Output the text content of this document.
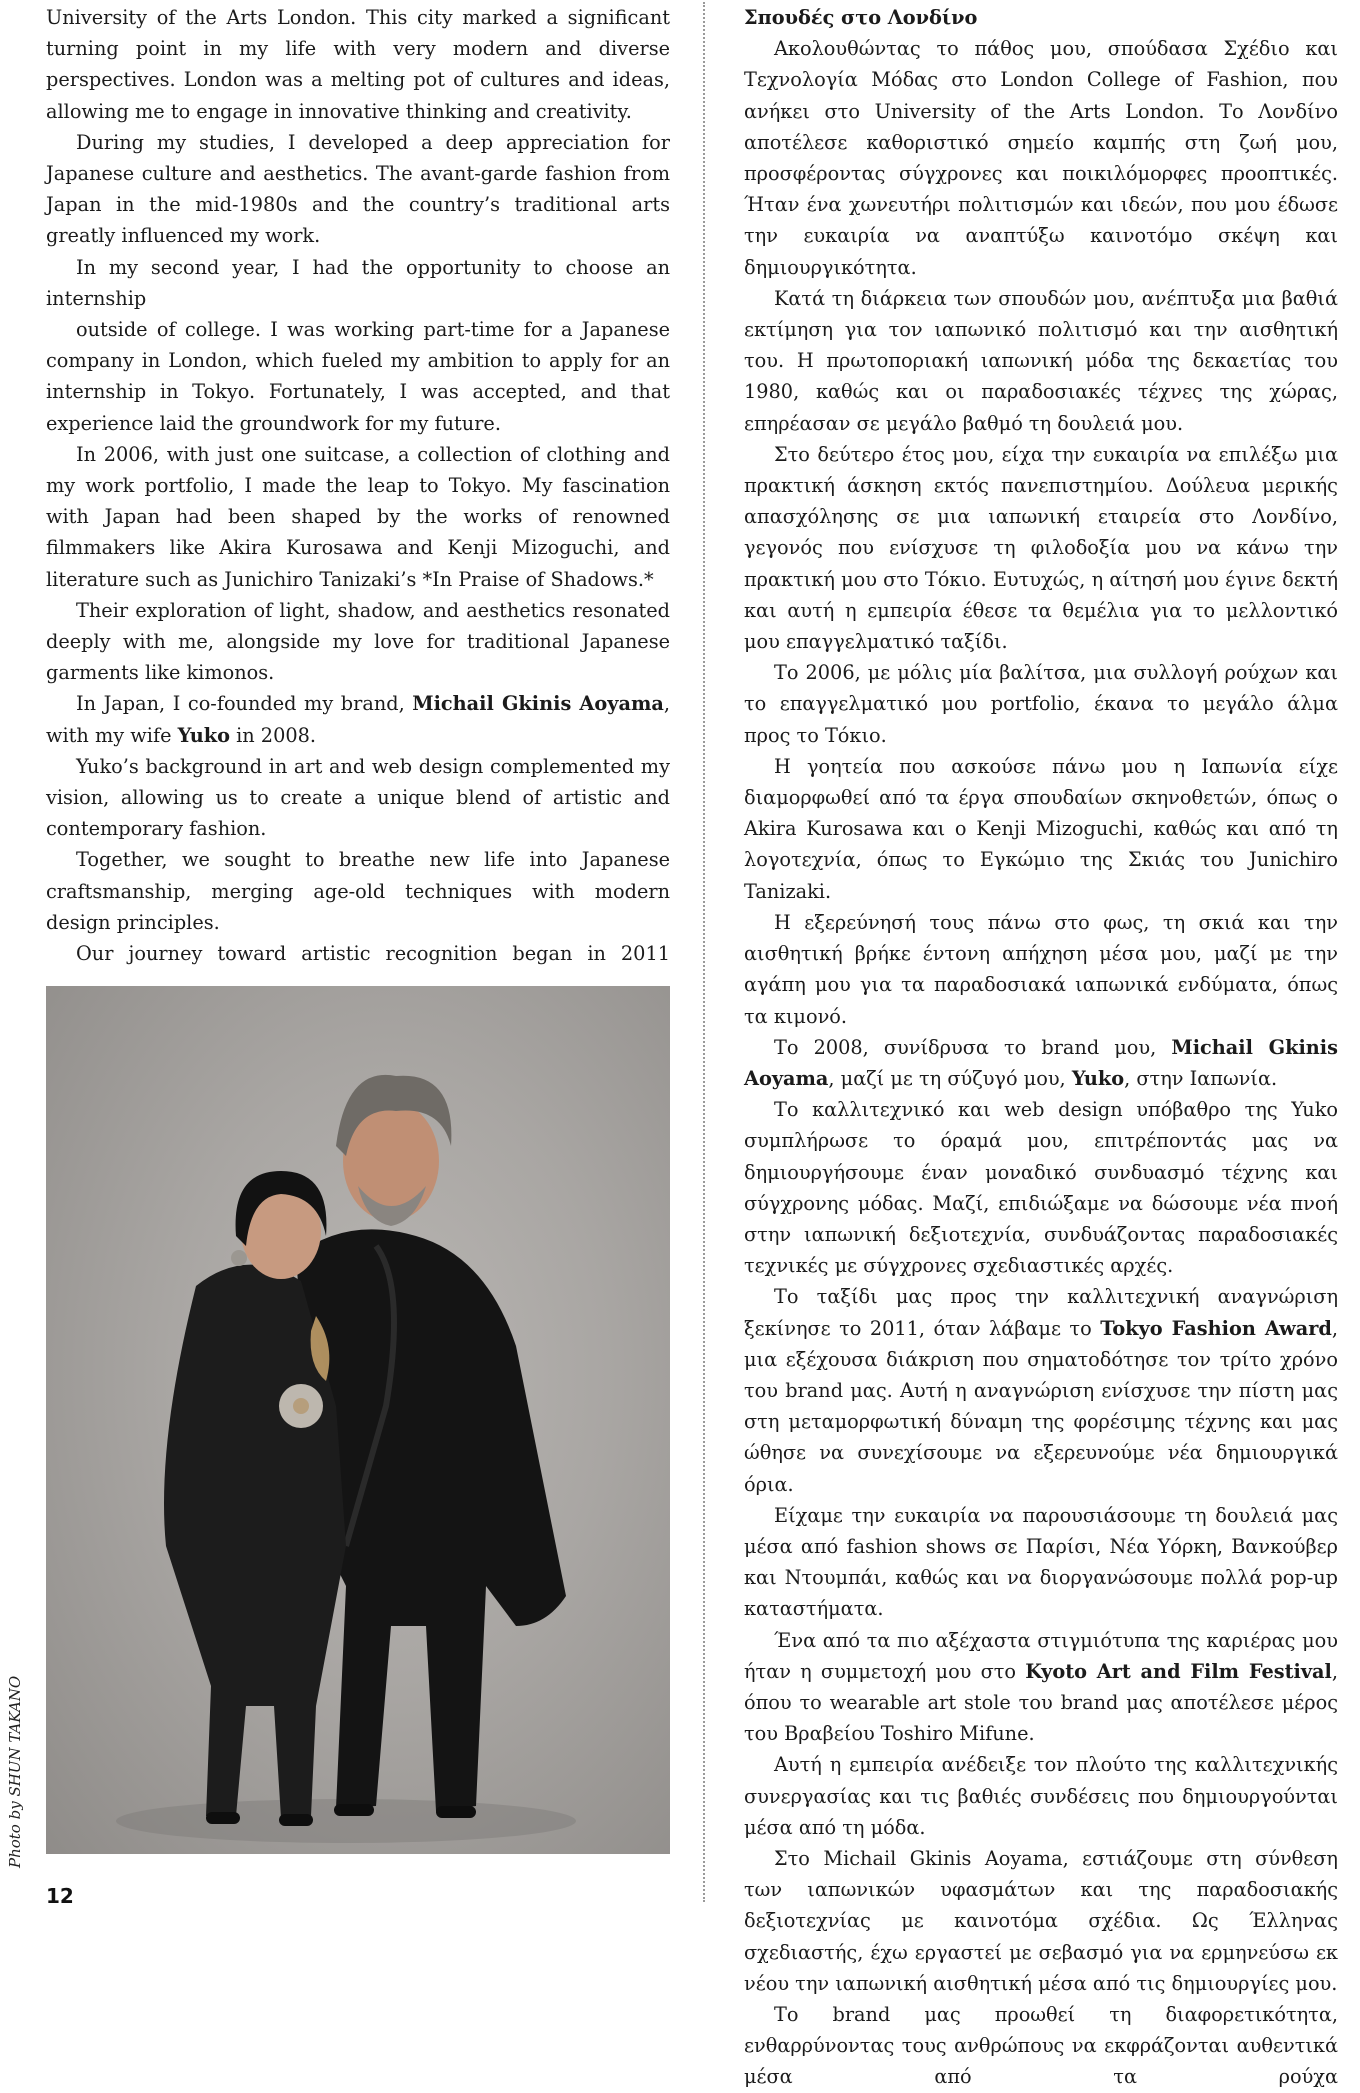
University of the Arts London. This city marked a significant turning point in my life with very modern and diverse perspectives. London was a melting pot of cultures and ideas, allowing me to engage in innovative thinking and creativity.

During my studies, I developed a deep appreciation for Japanese culture and aesthetics. The avant-garde fashion from Japan in the mid-1980s and the country’s traditional arts greatly influenced my work.

In my second year, I had the opportunity to choose an internship

outside of college. I was working part-time for a Japanese company in London, which fueled my ambition to apply for an internship in Tokyo. Fortunately, I was accepted, and that experience laid the groundwork for my future.

In 2006, with just one suitcase, a collection of clothing and my work portfolio, I made the leap to Tokyo. My fascination with Japan had been shaped by the works of renowned filmmakers like Akira Kurosawa and Kenji Mizoguchi, and literature such as Junichiro Tanizaki’s *In Praise of Shadows.*

Their exploration of light, shadow, and aesthetics resonated deeply with me, alongside my love for traditional Japanese garments like kimonos.

In Japan, I co-founded my brand, Michail Gkinis Aoyama, with my wife Yuko in 2008.

Yuko’s background in art and web design complemented my vision, allowing us to create a unique blend of artistic and contemporary fashion.

Together, we sought to breathe new life into Japanese craftsmanship, merging age-old techniques with modern design principles.

Our journey toward artistic recognition began in 2011

Photo by SHUN TAKANO

Σπουδές στο Λονδίνο

Ακολουθώντας το πάθος μου, σπούδασα Σχέδιο και Τεχνολογία Μόδας στο London College of Fashion, που ανήκει στο University of the Arts London. Το Λονδίνο αποτέλεσε καθοριστικό σημείο καμπής στη ζωή μου, προσφέροντας σύγχρονες και ποικιλόμορφες προοπτικές. Ήταν ένα χωνευτήρι πολιτισμών και ιδεών, που μου έδωσε την ευκαιρία να αναπτύξω καινοτόμο σκέψη και δημιουργικότητα.

Κατά τη διάρκεια των σπουδών μου, ανέπτυξα μια βαθιά εκτίμηση για τον ιαπωνικό πολιτισμό και την αισθητική του. Η πρωτοποριακή ιαπωνική μόδα της δεκαετίας του 1980, καθώς και οι παραδοσιακές τέχνες της χώρας, επηρέασαν σε μεγάλο βαθμό τη δουλειά μου.

Στο δεύτερο έτος μου, είχα την ευκαιρία να επιλέξω μια πρακτική άσκηση εκτός πανεπιστημίου. Δούλευα μερικής απασχόλησης σε μια ιαπωνική εταιρεία στο Λονδίνο, γεγονός που ενίσχυσε τη φιλοδοξία μου να κάνω την πρακτική μου στο Τόκιο. Ευτυχώς, η αίτησή μου έγινε δεκτή και αυτή η εμπειρία έθεσε τα θεμέλια για το μελλοντικό μου επαγγελματικό ταξίδι.

Το 2006, με μόλις μία βαλίτσα, μια συλλογή ρούχων και το επαγγελματικό μου portfolio, έκανα το μεγάλο άλμα προς το Τόκιο.

Η γοητεία που ασκούσε πάνω μου η Ιαπωνία είχε διαμορφωθεί από τα έργα σπουδαίων σκηνοθετών, όπως ο Akira Kurosawa και ο Kenji Mizoguchi, καθώς και από τη λογοτεχνία, όπως το Εγκώμιο της Σκιάς του Junichiro Tanizaki.

Η εξερεύνησή τους πάνω στο φως, τη σκιά και την αισθητική βρήκε έντονη απήχηση μέσα μου, μαζί με την αγάπη μου για τα παραδοσιακά ιαπωνικά ενδύματα, όπως τα κιμονό.

Το 2008, συνίδρυσα το brand μου, Michail Gkinis Aoyama, μαζί με τη σύζυγό μου, Yuko, στην Ιαπωνία.

Το καλλιτεχνικό και web design υπόβαθρο της Yuko συμπλήρωσε το όραμά μου, επιτρέποντάς μας να δημιουργήσουμε έναν μοναδικό συνδυασμό τέχνης και σύγχρονης μόδας. Μαζί, επιδιώξαμε να δώσουμε νέα πνοή στην ιαπωνική δεξιοτεχνία, συνδυάζοντας παραδοσιακές τεχνικές με σύγχρονες σχεδιαστικές αρχές.

Το ταξίδι μας προς την καλλιτεχνική αναγνώριση ξεκίνησε το 2011, όταν λάβαμε το Tokyo Fashion Award, μια εξέχουσα διάκριση που σηματοδότησε τον τρίτο χρόνο του brand μας. Αυτή η αναγνώριση ενίσχυσε την πίστη μας στη μεταμορφωτική δύναμη της φορέσιμης τέχνης και μας ώθησε να συνεχίσουμε να εξερευνούμε νέα δημιουργικά όρια.

Είχαμε την ευκαιρία να παρουσιάσουμε τη δουλειά μας μέσα από fashion shows σε Παρίσι, Νέα Υόρκη, Βανκούβερ και Ντουμπάι, καθώς και να διοργανώσουμε πολλά pop-up καταστήματα.

Ένα από τα πιο αξέχαστα στιγμιότυπα της καριέρας μου ήταν η συμμετοχή μου στο Kyoto Art and Film Festival, όπου το wearable art stole του brand μας αποτέλεσε μέρος του Βραβείου Toshiro Mifune.

Αυτή η εμπειρία ανέδειξε τον πλούτο της καλλιτεχνικής συνεργασίας και τις βαθιές συνδέσεις που δημιουργούνται μέσα από τη μόδα.

Στο Michail Gkinis Aoyama, εστιάζουμε στη σύνθεση των ιαπωνικών υφασμάτων και της παραδοσιακής δεξιοτεχνίας με καινοτόμα σχέδια. Ως Έλληνας σχεδιαστής, έχω εργαστεί με σεβασμό για να ερμηνεύσω εκ νέου την ιαπωνική αισθητική μέσα από τις δημιουργίες μου.

Το brand μας προωθεί τη διαφορετικότητα, ενθαρρύνοντας τους ανθρώπους να εκφράζονται αυθεντικά μέσα από τα ρούχα

12
